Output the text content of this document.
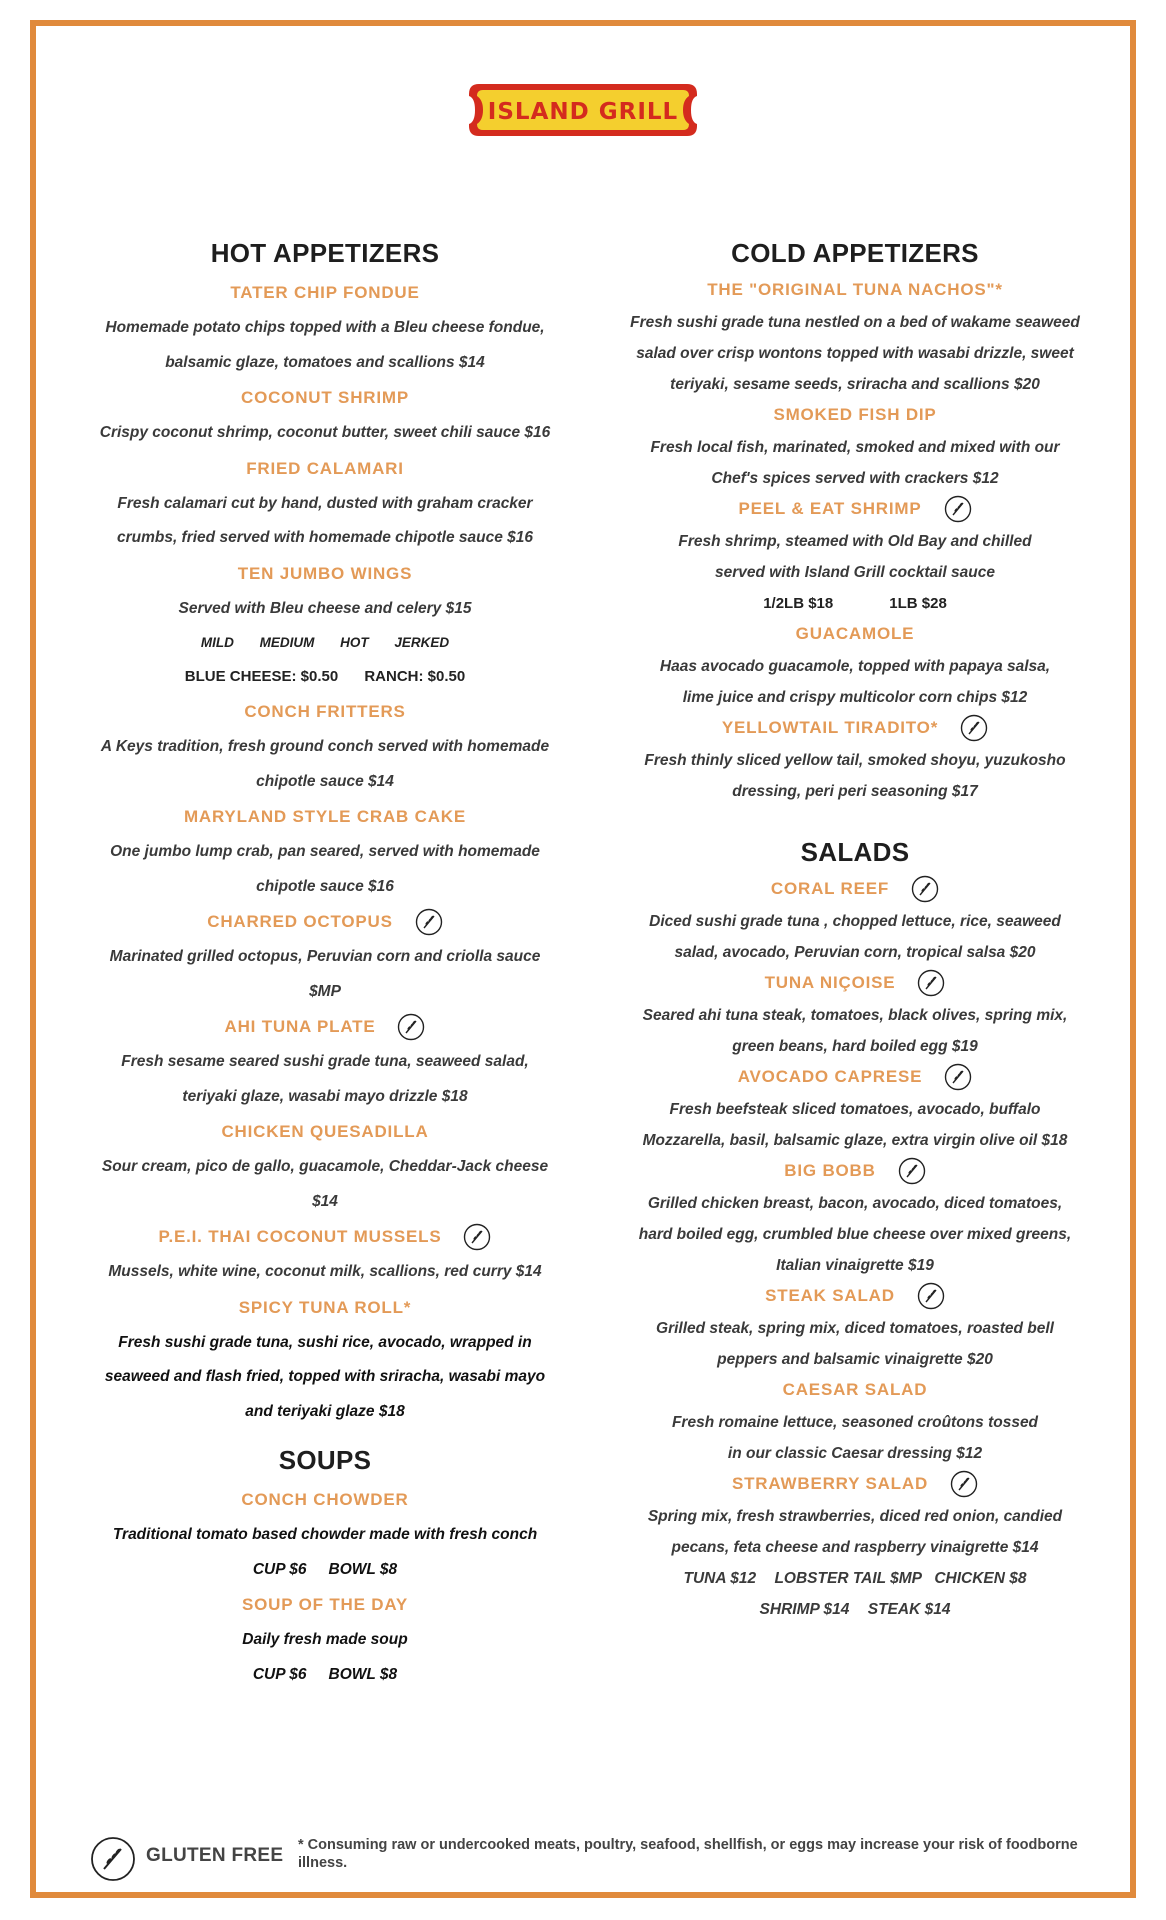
ISLAND GRILL
HOT APPETIZERS
TATER CHIP FONDUE
Homemade potato chips topped with a Bleu cheese fondue,
balsamic glaze, tomatoes and scallions $14
COCONUT SHRIMP
Crispy coconut shrimp, coconut butter, sweet chili sauce $16
FRIED CALAMARI
Fresh calamari cut by hand, dusted with graham cracker
crumbs, fried served with homemade chipotle sauce $16
TEN JUMBO WINGS
Served with Bleu cheese and celery $15
MILD MEDIUM HOT JERKED
BLUE CHEESE: $0.50 RANCH: $0.50
CONCH FRITTERS
A Keys tradition, fresh ground conch served with homemade
chipotle sauce $14
MARYLAND STYLE CRAB CAKE
One jumbo lump crab, pan seared, served with homemade
chipotle sauce $16
CHARRED OCTOPUS
Marinated grilled octopus, Peruvian corn and criolla sauce
$MP
AHI TUNA PLATE
Fresh sesame seared sushi grade tuna, seaweed salad,
teriyaki glaze, wasabi mayo drizzle $18
CHICKEN QUESADILLA
Sour cream, pico de gallo, guacamole, Cheddar-Jack cheese
$14
P.E.I. THAI COCONUT MUSSELS
Mussels, white wine, coconut milk, scallions, red curry $14
SPICY TUNA ROLL*
Fresh sushi grade tuna, sushi rice, avocado, wrapped in
seaweed and flash fried, topped with sriracha, wasabi mayo
and teriyaki glaze $18
SOUPS
CONCH CHOWDER
Traditional tomato based chowder made with fresh conch
CUP $6 BOWL $8
SOUP OF THE DAY
Daily fresh made soup
CUP $6 BOWL $8
COLD APPETIZERS
THE "ORIGINAL TUNA NACHOS"*
Fresh sushi grade tuna nestled on a bed of wakame seaweed
salad over crisp wontons topped with wasabi drizzle, sweet
teriyaki, sesame seeds, sriracha and scallions $20
SMOKED FISH DIP
Fresh local fish, marinated, smoked and mixed with our
Chef's spices served with crackers $12
PEEL & EAT SHRIMP
Fresh shrimp, steamed with Old Bay and chilled
served with Island Grill cocktail sauce
1/2LB $18	1LB $28
GUACAMOLE
Haas avocado guacamole, topped with papaya salsa,
lime juice and crispy multicolor corn chips $12
YELLOWTAIL TIRADITO*
Fresh thinly sliced yellow tail, smoked shoyu, yuzukosho
dressing, peri peri seasoning $17
SALADS
CORAL REEF
Diced sushi grade tuna , chopped lettuce, rice, seaweed
salad, avocado, Peruvian corn, tropical salsa $20
TUNA NIÇOISE
Seared ahi tuna steak, tomatoes, black olives, spring mix,
green beans, hard boiled egg $19
AVOCADO CAPRESE
Fresh beefsteak sliced tomatoes, avocado, buffalo
Mozzarella, basil, balsamic glaze, extra virgin olive oil $18
BIG BOBB
Grilled chicken breast, bacon, avocado, diced tomatoes,
hard boiled egg, crumbled blue cheese over mixed greens,
Italian vinaigrette $19
STEAK SALAD
Grilled steak, spring mix, diced tomatoes, roasted bell
peppers and balsamic vinaigrette $20
CAESAR SALAD
Fresh romaine lettuce, seasoned croûtons tossed
in our classic Caesar dressing $12
STRAWBERRY SALAD
Spring mix, fresh strawberries, diced red onion, candied
pecans, feta cheese and raspberry vinaigrette $14
TUNA $12 LOBSTER TAIL $MP CHICKEN $8
SHRIMP $14 STEAK $14
GLUTEN FREE * Consuming raw or undercooked meats, poultry, seafood, shellfish, or eggs may increase your risk of foodborne illness.
